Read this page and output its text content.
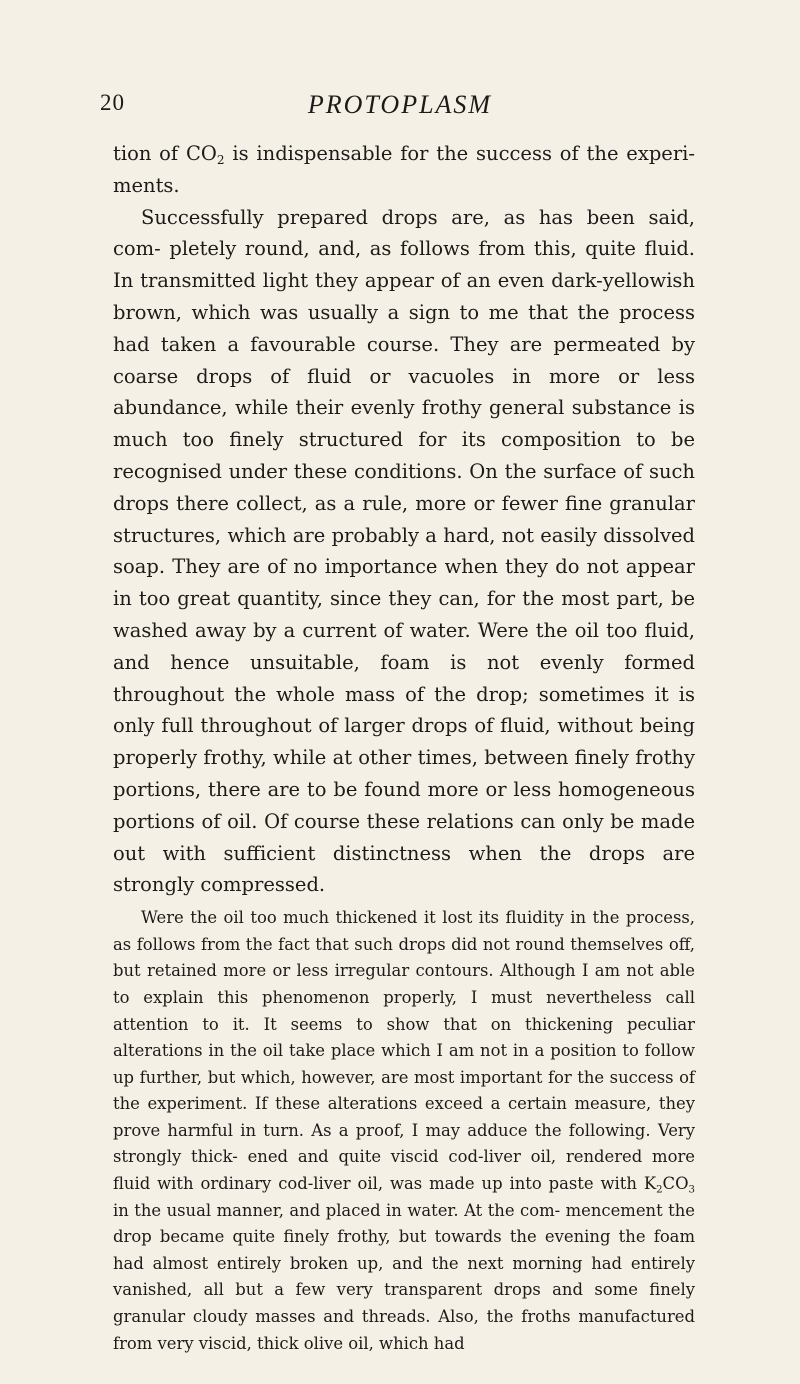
PROTOPLASM
20

tion of $CO_2$ is indispensable for the success of the experi- ments.

Successfully prepared drops are, as has been said, com- pletely round, and, as follows from this, quite fluid. In transmitted light they appear of an even dark-yellowish brown, which was usually a sign to me that the process had taken a favourable course. They are permeated by coarse drops of fluid or vacuoles in more or less abundance, while their evenly frothy general substance is much too finely structured for its composition to be recognised under these conditions. On the surface of such drops there collect, as a rule, more or fewer fine granular structures, which are probably a hard, not easily dissolved soap. They are of no importance when they do not appear in too great quantity, since they can, for the most part, be washed away by a current of water. Were the oil too fluid, and hence unsuitable, foam is not evenly formed throughout the whole mass of the drop; sometimes it is only full throughout of larger drops of fluid, without being properly frothy, while at other times, between finely frothy portions, there are to be found more or less homogeneous portions of oil. Of course these relations can only be made out with sufficient distinctness when the drops are strongly compressed.

Were the oil too much thickened it lost its fluidity in the process, as follows from the fact that such drops did not round themselves off, but retained more or less irregular contours. Although I am not able to explain this phenomenon properly, I must nevertheless call attention to it. It seems to show that on thickening peculiar alterations in the oil take place which I am not in a position to follow up further, but which, however, are most important for the success of the experiment. If these alterations exceed a certain measure, they prove harmful in turn. As a proof, I may adduce the following. Very strongly thick- ened and quite viscid cod-liver oil, rendered more fluid with ordinary cod-liver oil, was made up into paste with $K_2CO_3$ in the usual manner, and placed in water. At the com- mencement the drop became quite finely frothy, but towards the evening the foam had almost entirely broken up, and the next morning had entirely vanished, all but a few very transparent drops and some finely granular cloudy masses and threads. Also, the froths manufactured from very viscid, thick olive oil, which had
